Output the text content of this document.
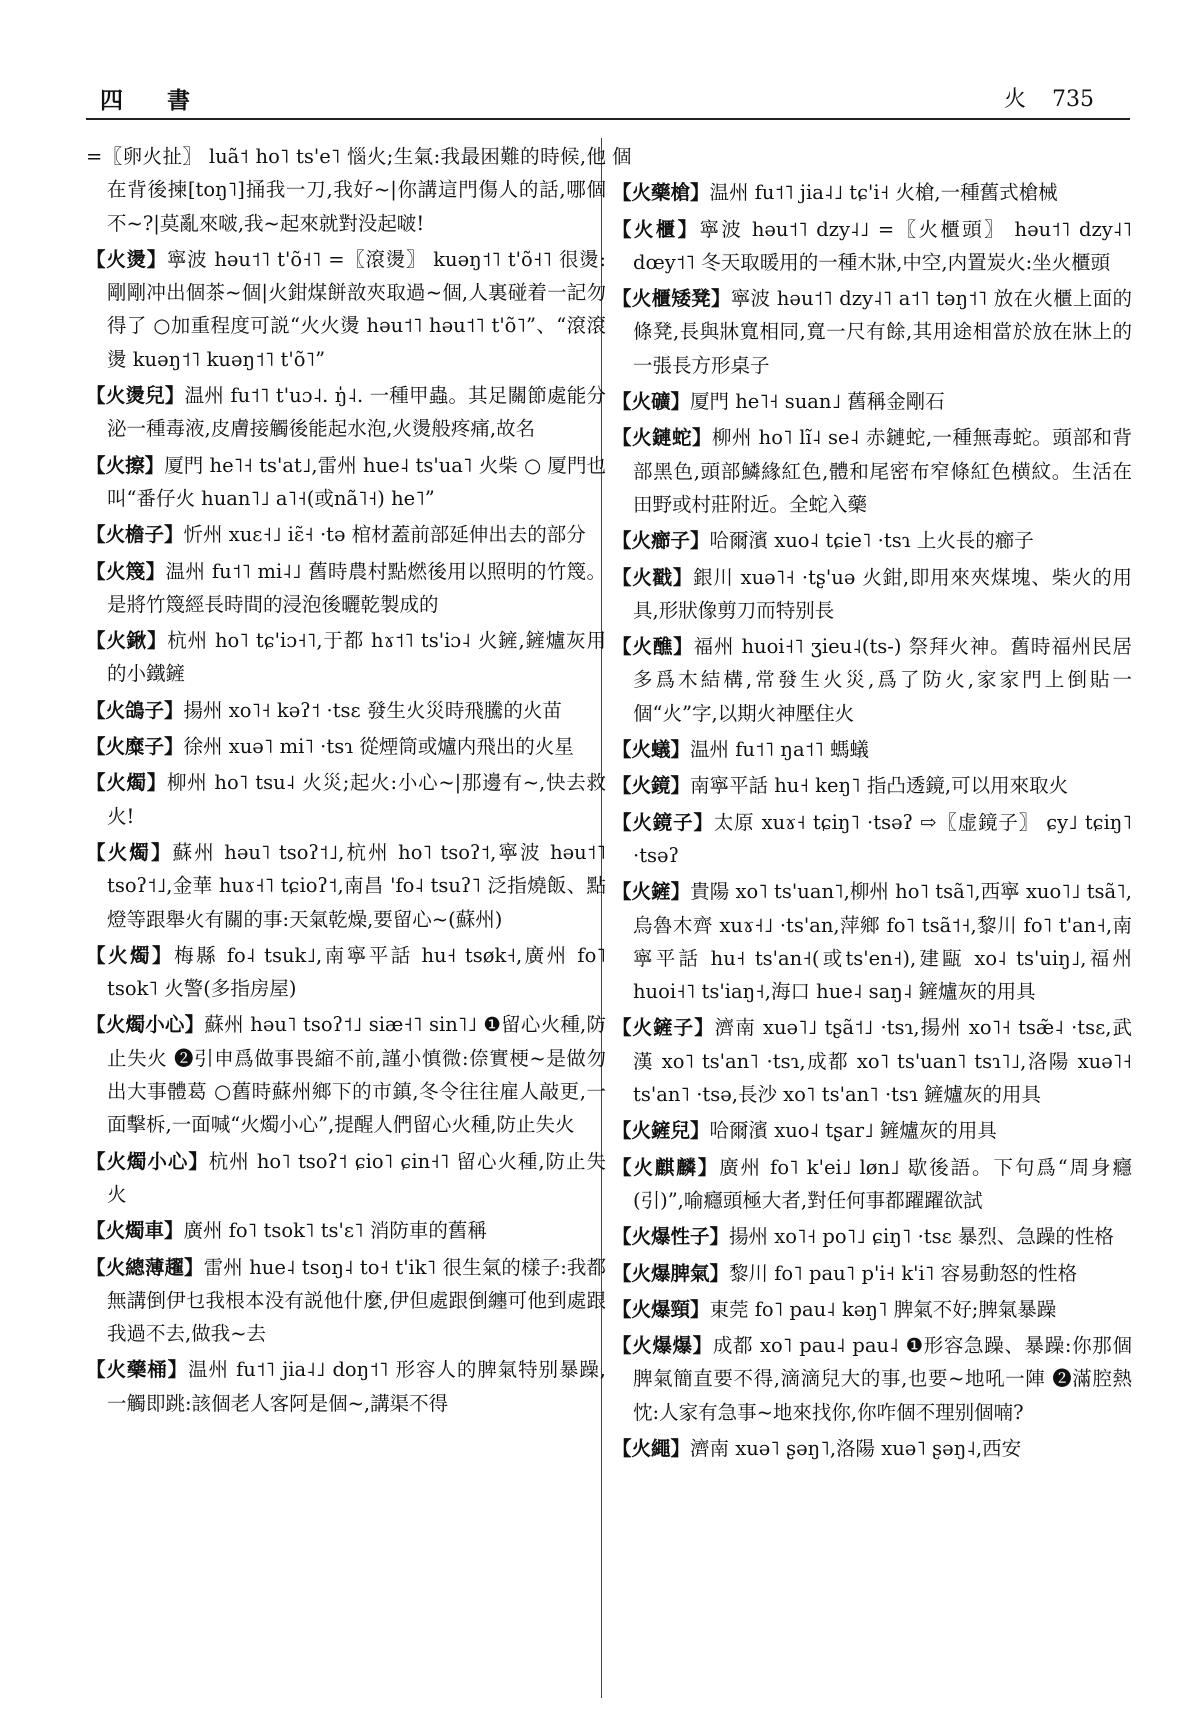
四 書	火 735

=〖卵火扯〗 luã˦ ho˥ ts'e˥ 惱火;生氣:我最困難的時候,他在背後揀[toŋ˥]捅我一刀,我好~|你講這門傷人的話,哪個不~?|莫亂來啵,我~起來就對没起啵!

【火燙】寧波 həu˦˥ t'õ˧˥ =〖滾燙〗 kuəŋ˦˥ t'õ˧˥ 很燙:剛剛冲出個茶~個|火鉗煤餅敨夾取過~個,人裏碰着一記勿得了 ○加重程度可説“火火燙 həu˦˥ həu˦˥ t'õ˥”、“滾滾燙 kuəŋ˦˥ kuəŋ˦˥ t'õ˥”

【火燙兒】温州 fu˦˥ t'uɔ˨. ŋ̍˨. 一種甲蟲。其足關節處能分泌一種毒液,皮膚接觸後能起水泡,火燙般疼痛,故名

【火擦】厦門 he˥˧ ts'at˩,雷州 hue˨ ts'ua˥ 火柴 ○ 厦門也叫“番仔火 huan˥˩ a˥˧(或nã˥˧) he˥”

【火檐子】忻州 xuɛ˧˩ iɛ̃˧ ·tə 棺材蓋前部延伸出去的部分

【火篾】温州 fu˦˥ mi˨˩ 舊時農村點燃後用以照明的竹篾。是將竹篾經長時間的浸泡後曬乾製成的

【火鍬】杭州 ho˥ tɕ'iɔ˧˥,于都 hɤ˦˥ ts'iɔ˨ 火鏟,鏟爐灰用的小鐵鏟

【火鴿子】揚州 xo˥˧ kəʔ˦ ·tsɛ 發生火災時飛騰的火苗

【火糜子】徐州 xuə˥ mi˥ ·tsɿ 從煙筒或爐内飛出的火星

【火燭】柳州 ho˥ tsu˨ 火災;起火:小心~|那邊有~,快去救火!

【火燭】蘇州 həu˥ tsoʔ˦˩,杭州 ho˥ tsoʔ˦,寧波 həu˦˥ tsoʔ˦˩,金華 huɤ˧˥ tɕioʔ˦,南昌 'fo˨ tsuʔ˥ 泛指燒飯、點燈等跟舉火有關的事:天氣乾燥,要留心~(蘇州)

【火燭】梅縣 fo˨ tsuk˩,南寧平話 hu˧ tsøk˧,廣州 fo˥ tsok˥ 火警(多指房屋)

【火燭小心】蘇州 həu˥ tsoʔ˦˩ siæ˧˥ sin˥˩ ❶留心火種,防止失火 ❷引申爲做事畏縮不前,謹小慎微:倷實梗~是做勿出大事體葛 ○舊時蘇州鄉下的市鎮,冬令往往雇人敲更,一面擊柝,一面喊“火燭小心”,提醒人們留心火種,防止失火

【火燭小心】杭州 ho˥ tsoʔ˦ ɕio˥ ɕin˧˥ 留心火種,防止失火

【火燭車】廣州 fo˥ tsok˥ ts'ɛ˥ 消防車的舊稱

【火總薄趯】雷州 hue˨ tsoŋ˨ to˧ t'ik˥ 很生氣的樣子:我都無講倒伊乜我根本没有説他什麼,伊但處跟倒纏可他到處跟我過不去,做我~去

【火藥桶】温州 fu˦˥ jia˨˩ doŋ˦˥ 形容人的脾氣特别暴躁,一觸即跳:該個老人客阿是個~,講渠不得

個

【火藥槍】温州 fu˦˥ jia˨˩ tɕ'i˧ 火槍,一種舊式槍械

【火櫃】寧波 həu˦˥ dzy˨˩ =〖火櫃頭〗 həu˦˥ dzy˨˥ dœy˦˥ 冬天取暖用的一種木牀,中空,内置炭火:坐火櫃頭

【火櫃矮凳】寧波 həu˦˥ dzy˨˥ a˦˥ təŋ˦˥ 放在火櫃上面的條凳,長與牀寬相同,寬一尺有餘,其用途相當於放在牀上的一張長方形桌子

【火礦】厦門 he˥˧ suan˩ 舊稱金剛石

【火鏈蛇】柳州 ho˥ lĩ˨ se˨ 赤鏈蛇,一種無毒蛇。頭部和背部黑色,頭部鱗緣紅色,體和尾密布窄條紅色横紋。生活在田野或村莊附近。全蛇入藥

【火癤子】哈爾濱 xuo˨ tɕie˥ ·tsɿ 上火長的癤子

【火戳】銀川 xuə˥˧ ·tʂ'uə 火鉗,即用來夾煤塊、柴火的用具,形狀像剪刀而特别長

【火醮】福州 huoi˧˥ ʒieu˨(ts-) 祭拜火神。舊時福州民居多爲木結構,常發生火災,爲了防火,家家門上倒貼一個“火”字,以期火神壓住火

【火蟻】温州 fu˦˥ ŋa˦˥ 螞蟻

【火鏡】南寧平話 hu˧ keŋ˥ 指凸透鏡,可以用來取火

【火鏡子】太原 xuɤ˧ tɕiŋ˥ ·tsəʔ ⇨〖虚鏡子〗 ɕy˩ tɕiŋ˥ ·tsəʔ

【火鏟】貴陽 xo˥ ts'uan˥,柳州 ho˥ tsã˥,西寧 xuo˥˩ tsã˥,烏魯木齊 xuɤ˧˩ ·ts'an,萍鄉 fo˥ tsã˦˧,黎川 fo˥ t'an˧,南寧平話 hu˧ ts'an˧(或ts'en˧),建甌 xo˨ ts'uiŋ˩,福州 huoi˧˥ ts'iaŋ˧,海口 hue˨ saŋ˨ 鏟爐灰的用具

【火鏟子】濟南 xuə˥˩ tʂã˦˩ ·tsɿ,揚州 xo˥˧ tsæ̃˨ ·tsɛ,武漢 xo˥ ts'an˥ ·tsɿ,成都 xo˥ ts'uan˥ tsɿ˥˩,洛陽 xuə˥˧ ts'an˥ ·tsə,長沙 xo˥ ts'an˥ ·tsɿ 鏟爐灰的用具

【火鏟兒】哈爾濱 xuo˨ tʂar˩ 鏟爐灰的用具

【火麒麟】廣州 fo˥ k'ei˩ løn˩ 歇後語。下句爲“周身癮(引)”,喻癮頭極大者,對任何事都躍躍欲試

【火爆性子】揚州 xo˥˧ po˥˩ ɕiŋ˥ ·tsɛ 暴烈、急躁的性格

【火爆脾氣】黎川 fo˥ pau˥ p'i˧ k'i˥ 容易動怒的性格

【火爆頸】東莞 fo˥ pau˨ kəŋ˥ 脾氣不好;脾氣暴躁

【火爆爆】成都 xo˥ pau˨ pau˨ ❶形容急躁、暴躁:你那個脾氣簡直要不得,滴滴兒大的事,也要~地吼一陣 ❷滿腔熱忱:人家有急事~地來找你,你咋個不理别個喃?

【火繩】濟南 xuə˥ ʂəŋ˥,洛陽 xuə˥ ʂəŋ˨,西安
